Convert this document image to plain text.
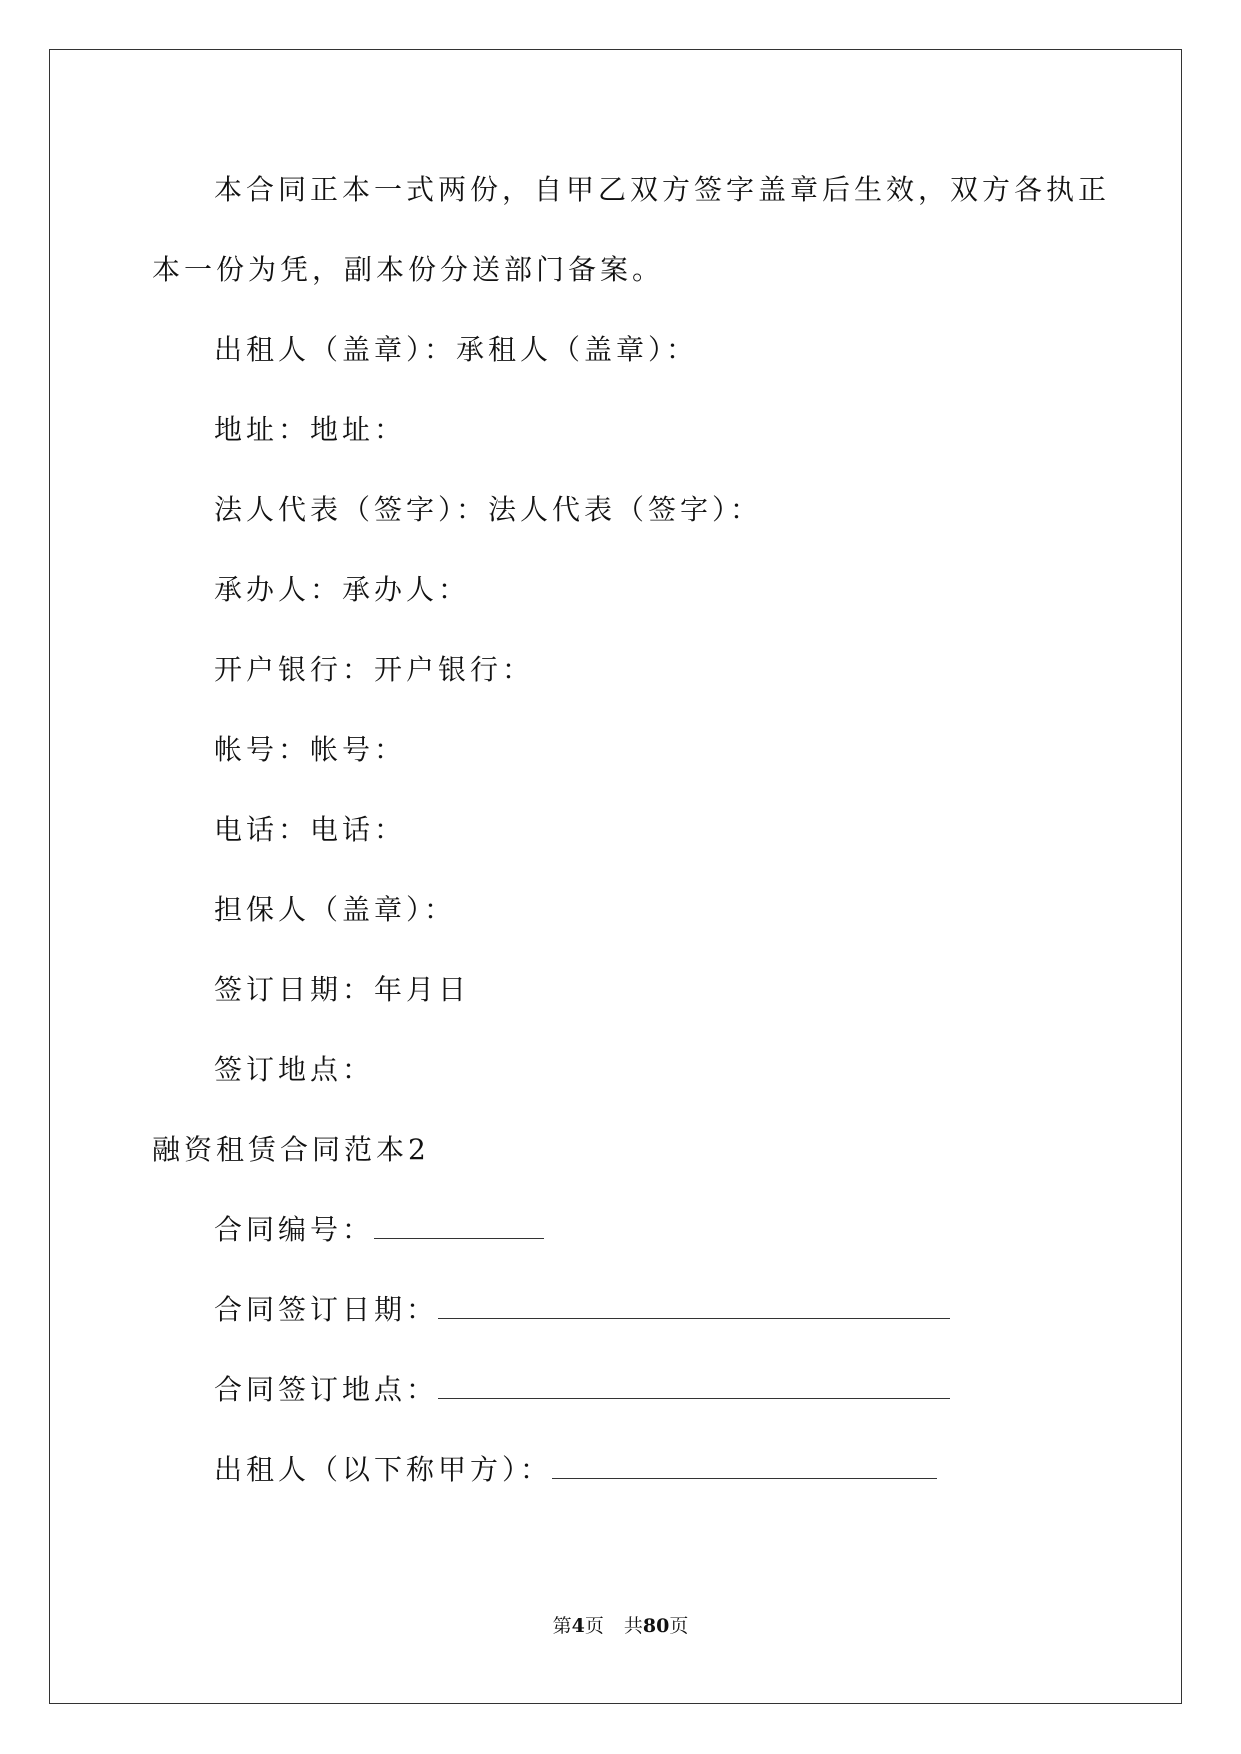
本合同正本一式两份，自甲乙双方签字盖章后生效，双方各执正
本一份为凭，副本份分送部门备案。
出租人（盖章）：承租人（盖章）：
地址：地址：
法人代表（签字）：法人代表（签字）：
承办人：承办人：
开户银行：开户银行：
帐号：帐号：
电话：电话：
担保人（盖章）：
签订日期：年月日
签订地点：
融资租赁合同范本2
合同编号：
合同签订日期：
合同签订地点：
出租人（以下称甲方）：
第4页 共80页
